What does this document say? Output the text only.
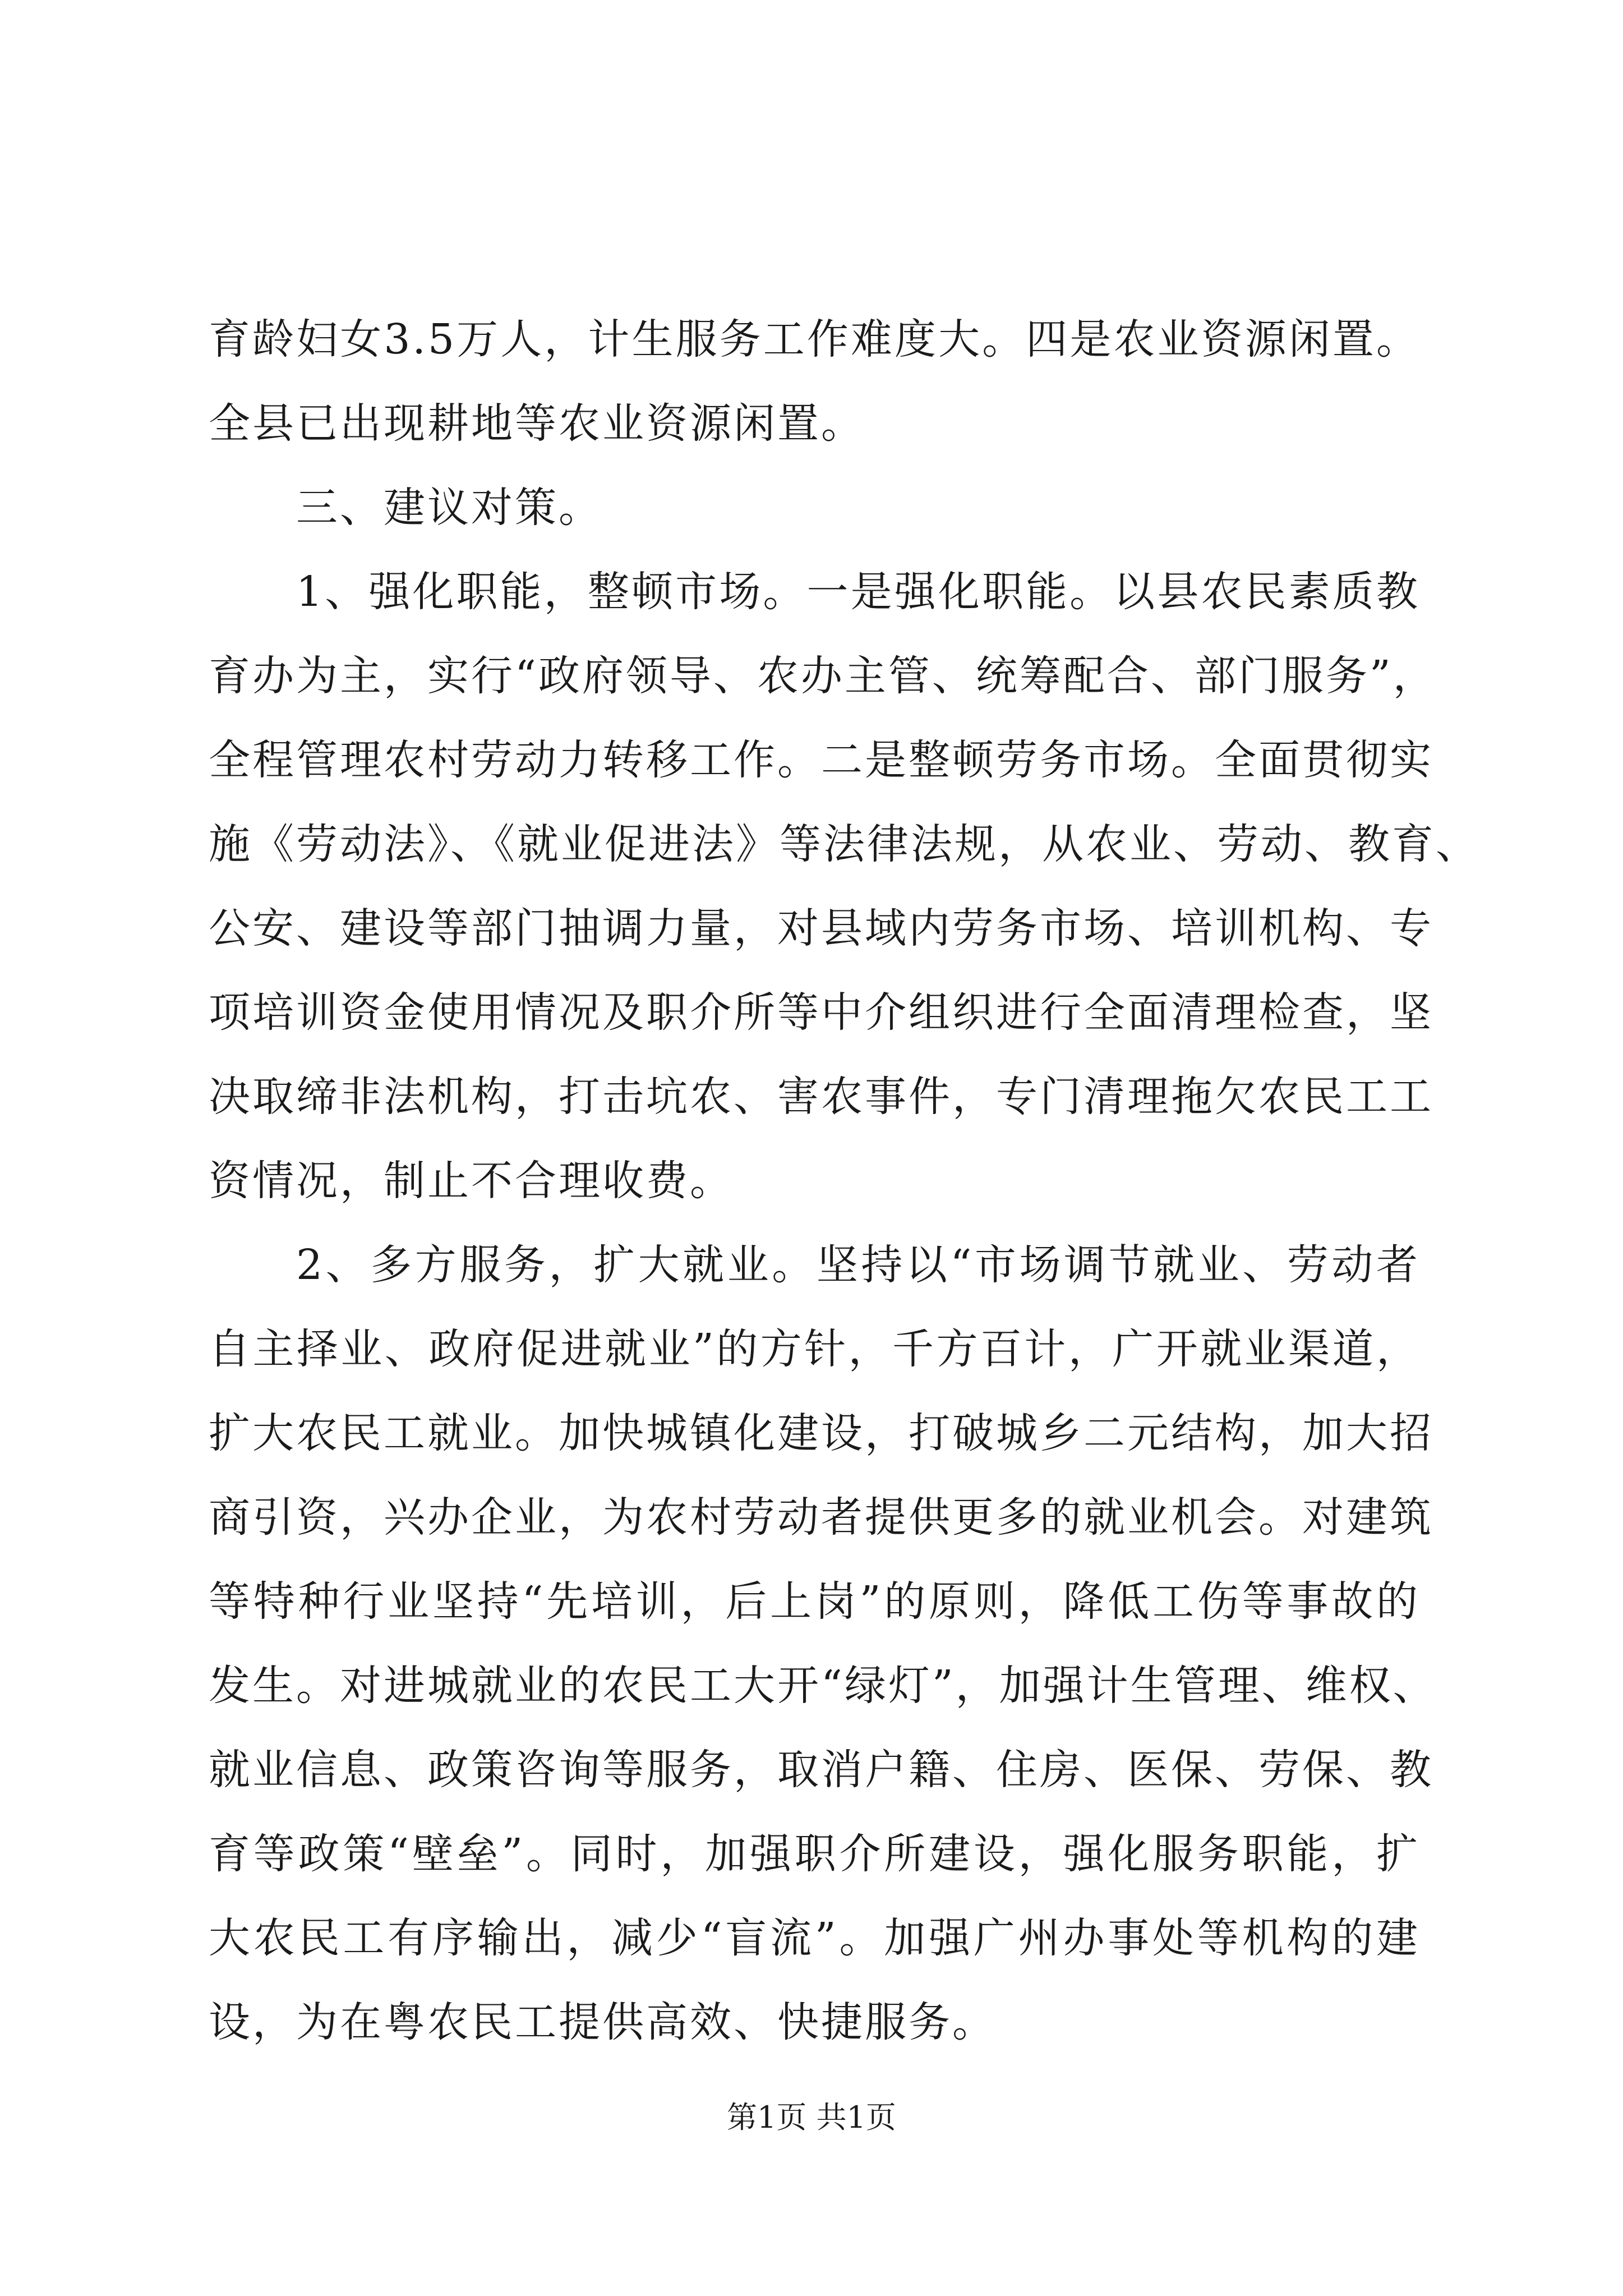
育龄妇女3.5万人，计生服务工作难度大。四是农业资源闲置。
全县已出现耕地等农业资源闲置。
三、建议对策。
1、强化职能，整顿市场。一是强化职能。以县农民素质教
育办为主，实行“政府领导、农办主管、统筹配合、部门服务”，
全程管理农村劳动力转移工作。二是整顿劳务市场。全面贯彻实
施《劳动法》、《就业促进法》等法律法规，从农业、劳动、教育、
公安、建设等部门抽调力量，对县域内劳务市场、培训机构、专
项培训资金使用情况及职介所等中介组织进行全面清理检查，坚
决取缔非法机构，打击坑农、害农事件，专门清理拖欠农民工工
资情况，制止不合理收费。
2、多方服务，扩大就业。坚持以“市场调节就业、劳动者
自主择业、政府促进就业”的方针，千方百计，广开就业渠道，
扩大农民工就业。加快城镇化建设，打破城乡二元结构，加大招
商引资，兴办企业，为农村劳动者提供更多的就业机会。对建筑
等特种行业坚持“先培训，后上岗”的原则，降低工伤等事故的
发生。对进城就业的农民工大开“绿灯”，加强计生管理、维权、
就业信息、政策咨询等服务，取消户籍、住房、医保、劳保、教
育等政策“壁垒”。同时，加强职介所建设，强化服务职能，扩
大农民工有序输出，减少“盲流”。加强广州办事处等机构的建
设，为在粤农民工提供高效、快捷服务。
第1页 共1页
